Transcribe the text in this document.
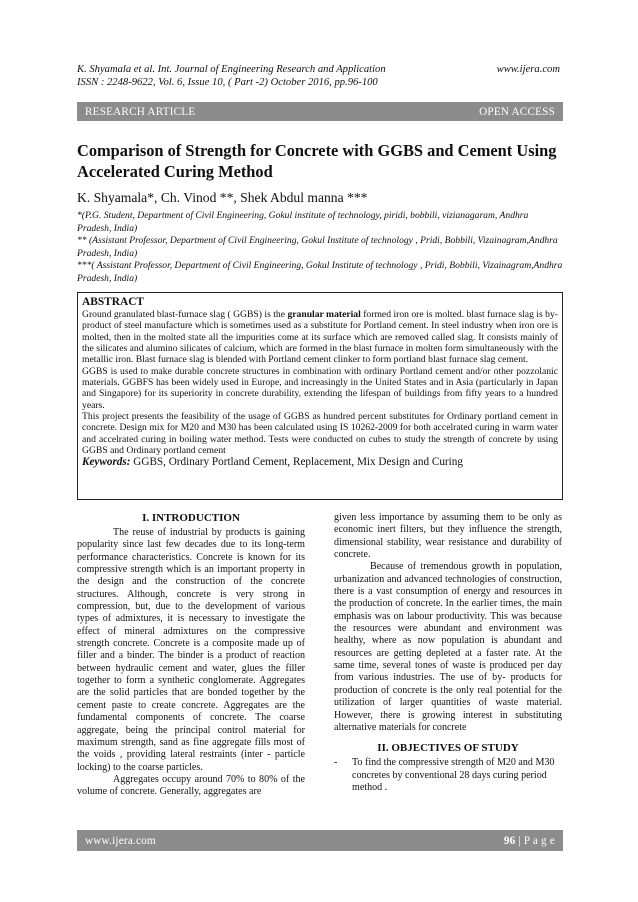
K. Shyamala et al. Int. Journal of Engineering Research and Application	www.ijera.com
ISSN : 2248-9622, Vol. 6, Issue 10, ( Part -2) October 2016, pp.96-100
RESEARCH ARTICLE	OPEN ACCESS
Comparison of Strength for Concrete with GGBS and Cement Using Accelerated Curing Method
K. Shyamala*, Ch. Vinod **, Shek Abdul manna ***
*(P.G. Student, Department of Civil Engineering, Gokul institute of technology, piridi, bobbili, vizianagaram, Andhra Pradesh, India)
** (Assistant Professor, Department of Civil Engineering, Gokul Institute of technology , Pridi, Bobbili, Vizainagram,Andhra Pradesh, India)
***( Assistant Professor, Department of Civil Engineering, Gokul Institute of technology , Pridi, Bobbili, Vizainagram,Andhra Pradesh, India)
ABSTRACT

Ground granulated blast-furnace slag ( GGBS) is the granular material formed iron ore is molted. blast furnace slag is by-product of steel manufacture which is sometimes used as a substitute for Portland cement. In steel industry when iron ore is molted, then in the molted state all the impurities come at its surface which are removed called slag. It consists mainly of the silicates and alumino silicates of calcium, which are formed in the blast furnace in molten form simultaneously with the metallic iron. Blast furnace slag is blended with Portland cement clinker to form portland blast furnace slag cement.

GGBS is used to make durable concrete structures in combination with ordinary Portland cement and/or other pozzolanic materials. GGBFS has been widely used in Europe, and increasingly in the United States and in Asia (particularly in Japan and Singapore) for its superiority in concrete durability, extending the lifespan of buildings from fifty years to a hundred years.

This project presents the feasibility of the usage of GGBS as hundred percent substitutes for Ordinary portland cement in concrete. Design mix for M20 and M30 has been calculated using IS 10262-2009 for both accelrated curing in warm water and accelrated curing in boiling water method. Tests were conducted on cubes to study the strength of concrete by using GGBS and Ordinary portland cement

Keywords: GGBS, Ordinary Portland Cement, Replacement, Mix Design and Curing
I. INTRODUCTION

The reuse of industrial by products is gaining popularity since last few decades due to its long-term performance characteristics. Concrete is known for its compressive strength which is an important property in the design and the construction of the concrete structures. Although, concrete is very strong in compression, but, due to the development of various types of admixtures, it is necessary to investigate the effect of mineral admixtures on the compressive strength concrete. Concrete is a composite made up of filler and a binder. The binder is a product of reaction between hydraulic cement and water, glues the filler together to form a synthetic conglomerate. Aggregates are the solid particles that are bonded together by the cement paste to create concrete. Aggregates are the fundamental components of concrete. The coarse aggregate, being the principal control material for maximum strength, sand as fine aggregate fills most of the voids , providing lateral restraints (inter - particle locking) to the coarse particles.

Aggregates occupy around 70% to 80% of the volume of concrete. Generally, aggregates are

given less importance by assuming them to be only as economic inert filters, but they influence the strength, dimensional stability, wear resistance and durability of concrete.

Because of tremendous growth in population, urbanization and advanced technologies of construction, there is a vast consumption of energy and resources in the production of concrete. In the earlier times, the main emphasis was on labour productivity. This was because the resources were abundant and environment was healthy, where as now population is abundant and resources are getting depleted at a faster rate. At the same time, several tones of waste is produced per day from various industries. The use of by- products for production of concrete is the only real potential for the utilization of larger quantities of waste material. However, there is growing interest in substituting alternative materials for concrete

II. OBJECTIVES OF STUDY
-	To find the compressive strength of M20 and M30 concretes by conventional 28 days curing period method .
www.ijera.com	96 | P a g e
